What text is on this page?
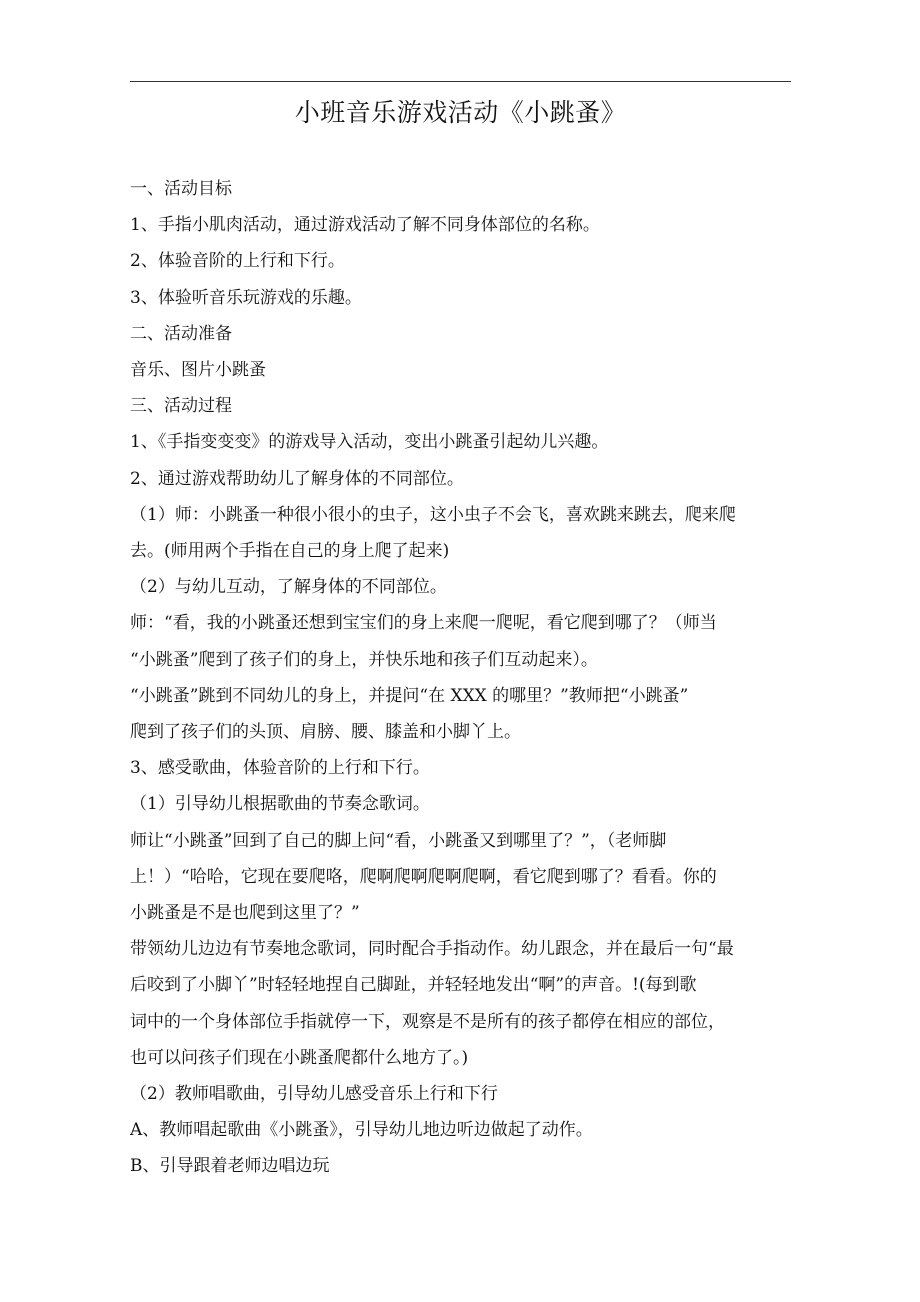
小班音乐游戏活动《小跳蚤》

一、活动目标

1、手指小肌肉活动，通过游戏活动了解不同身体部位的名称。

2、体验音阶的上行和下行。

3、体验听音乐玩游戏的乐趣。

二、活动准备

音乐、图片小跳蚤

三、活动过程

1、《手指变变变》的游戏导入活动，变出小跳蚤引起幼儿兴趣。

2、通过游戏帮助幼儿了解身体的不同部位。

（1）师：小跳蚤一种很小很小的虫子，这小虫子不会飞，喜欢跳来跳去，爬来爬

去。(师用两个手指在自己的身上爬了起来)

（2）与幼儿互动，了解身体的不同部位。

师：“看，我的小跳蚤还想到宝宝们的身上来爬一爬呢，看它爬到哪了？（师当

“小跳蚤”爬到了孩子们的身上，并快乐地和孩子们互动起来）。

“小跳蚤”跳到不同幼儿的身上，并提问“在 XXX 的哪里？”教师把“小跳蚤”

爬到了孩子们的头顶、肩膀、腰、膝盖和小脚丫上。

3、感受歌曲，体验音阶的上行和下行。

（1）引导幼儿根据歌曲的节奏念歌词。

师让“小跳蚤”回到了自己的脚上问“看，小跳蚤又到哪里了？”，（老师脚

上！）“哈哈，它现在要爬咯，爬啊爬啊爬啊爬啊，看它爬到哪了？看看。你的

小跳蚤是不是也爬到这里了？”

带领幼儿边边有节奏地念歌词，同时配合手指动作。幼儿跟念，并在最后一句“最

后咬到了小脚丫”时轻轻地捏自己脚趾，并轻轻地发出“啊”的声音。!(每到歌

词中的一个身体部位手指就停一下，观察是不是所有的孩子都停在相应的部位，

也可以问孩子们现在小跳蚤爬都什么地方了。)

（2）教师唱歌曲，引导幼儿感受音乐上行和下行

A、教师唱起歌曲《小跳蚤》，引导幼儿地边听边做起了动作。

B、引导跟着老师边唱边玩
